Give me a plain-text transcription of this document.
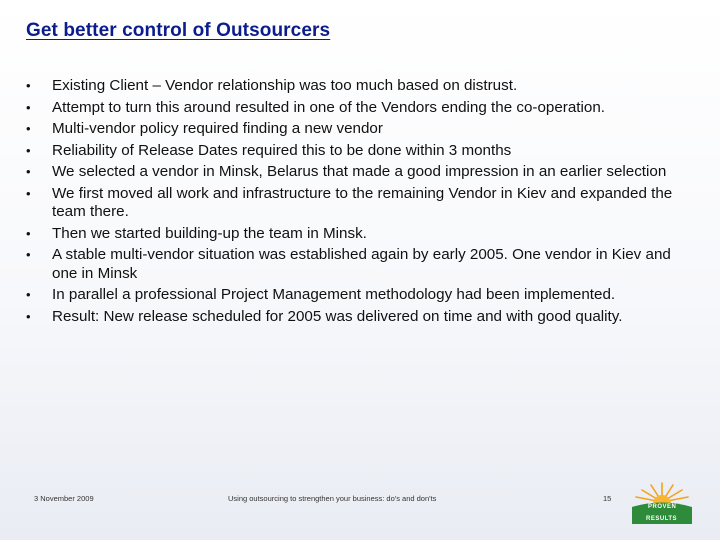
Get better control of Outsourcers
•	Existing Client – Vendor relationship was too much based on distrust.
•	Attempt to turn this around resulted in one of the Vendors ending the co-operation.
•	Multi-vendor policy required finding a new vendor
•	Reliability of Release Dates required this to be done within 3 months
•	We selected a vendor in Minsk, Belarus that made a good impression in an earlier selection
•	We first moved all work and infrastructure to the remaining Vendor in Kiev and expanded the team there.
•	Then we started building-up the team in Minsk.
•	A stable multi-vendor situation was established again by early 2005. One vendor in Kiev and one in Minsk
•	In parallel a professional Project Management methodology had been implemented.
•	Result: New release scheduled for 2005 was delivered on time and with good quality.
3 November 2009	Using outsourcing to strengthen your business: do's and don'ts	15
PROVEN
RESULTS
